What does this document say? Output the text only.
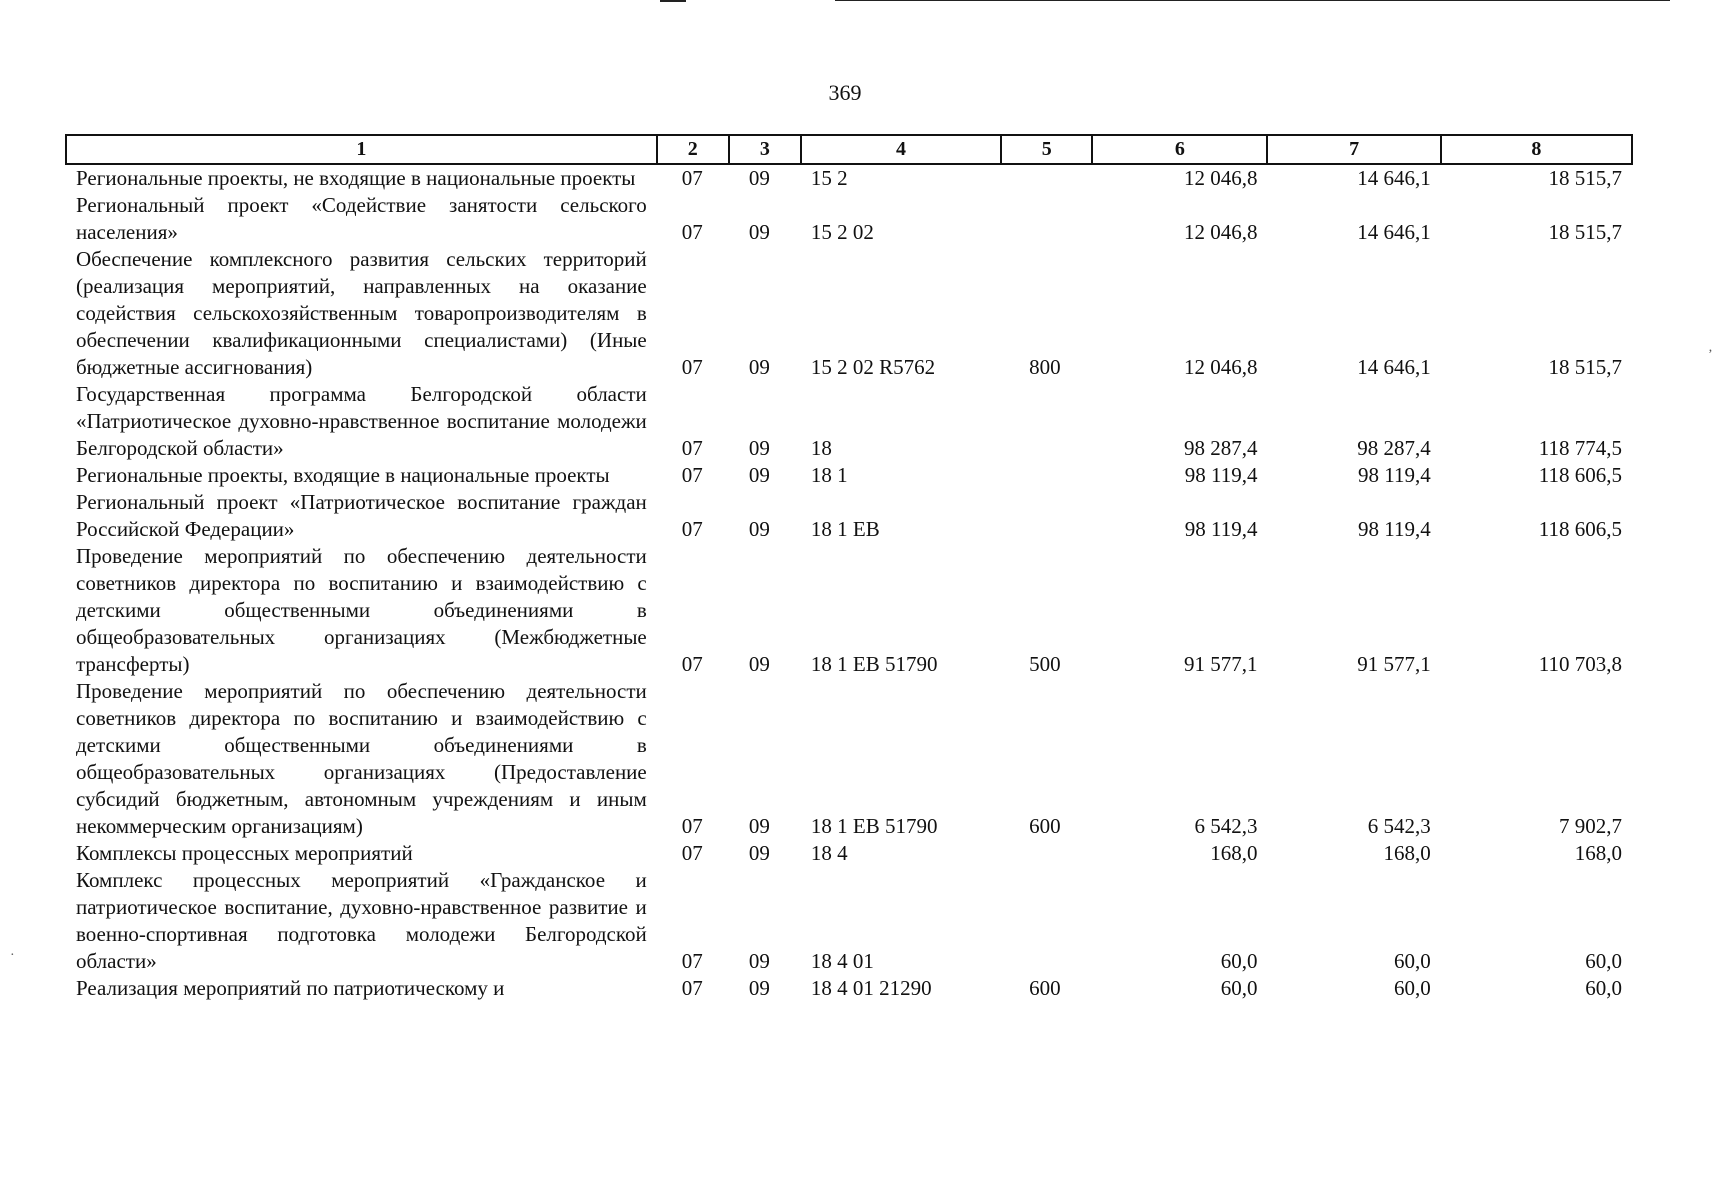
‚
·
369
1	2	3	4	5	6	7	8
Региональные проекты, не входящие в национальные проекты	07	09	15 2		12 046,8	14 646,1	18 515,7
Региональный проект «Содействие занятости сельского населения»	07	09	15 2 02		12 046,8	14 646,1	18 515,7
Обеспечение комплексного развития сельских территорий (реализация мероприятий, направленных на оказание содействия сельскохозяйственным товаропроизводителям в обеспечении квалификационными специалистами) (Иные бюджетные ассигнования)	07	09	15 2 02 R5762	800	12 046,8	14 646,1	18 515,7
Государственная программа Белгородской области «Патриотическое духовно-нравственное воспитание молодежи Белгородской области»	07	09	18		98 287,4	98 287,4	118 774,5
Региональные проекты, входящие в национальные проекты	07	09	18 1		98 119,4	98 119,4	118 606,5
Региональный проект «Патриотическое воспитание граждан Российской Федерации»	07	09	18 1 ЕВ		98 119,4	98 119,4	118 606,5
Проведение мероприятий по обеспечению деятельности советников директора по воспитанию и взаимодействию с детскими общественными объединениями в общеобразовательных организациях (Межбюджетные трансферты)	07	09	18 1 ЕВ 51790	500	91 577,1	91 577,1	110 703,8
Проведение мероприятий по обеспечению деятельности советников директора по воспитанию и взаимодействию с детскими общественными объединениями в общеобразовательных организациях (Предоставление субсидий бюджетным, автономным учреждениям и иным некоммерческим организациям)	07	09	18 1 ЕВ 51790	600	6 542,3	6 542,3	7 902,7
Комплексы процессных мероприятий	07	09	18 4		168,0	168,0	168,0
Комплекс процессных мероприятий «Гражданское и патриотическое воспитание, духовно-нравственное развитие и военно-спортивная подготовка молодежи Белгородской области»	07	09	18 4 01		60,0	60,0	60,0
Реализация мероприятий по патриотическому и	07	09	18 4 01 21290	600	60,0	60,0	60,0
